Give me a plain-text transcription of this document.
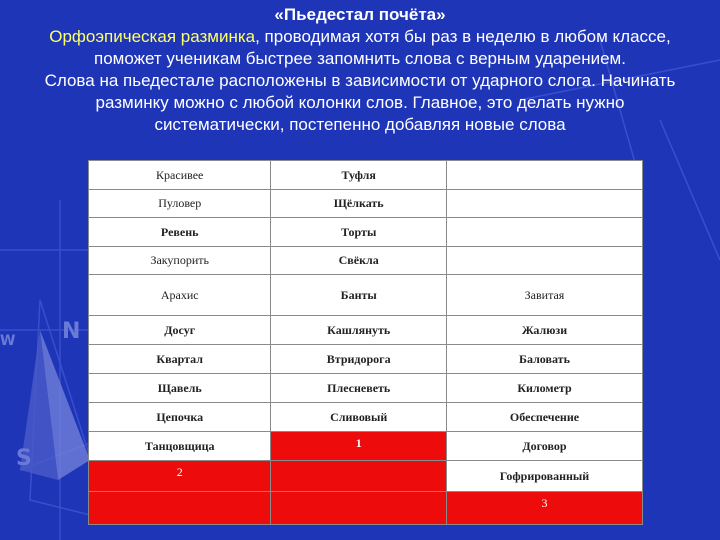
N
S
W
«Пьедестал почёта»
Орфоэпическая разминка, проводимая хотя бы раз в неделю в любом классе,
поможет ученикам быстрее запомнить слова с верным ударением.
Слова на пьедестале расположены в зависимости от ударного слога. Начинать
разминку можно с любой колонки слов. Главное, это делать нужно
систематически, постепенно добавляя новые слова
Красивее	Туфля	
Пуловер	Щёлкать	
Ревень	Торты	
Закупорить	Свёкла	
Арахис	Банты	Завитая
Досуг	Кашлянуть	Жалюзи
Квартал	Втридорога	Баловать
Щавель	Плесневеть	Километр
Цепочка	Сливовый	Обеспечение
Танцовщица	1	Договор
2		Гофрированный
		3
